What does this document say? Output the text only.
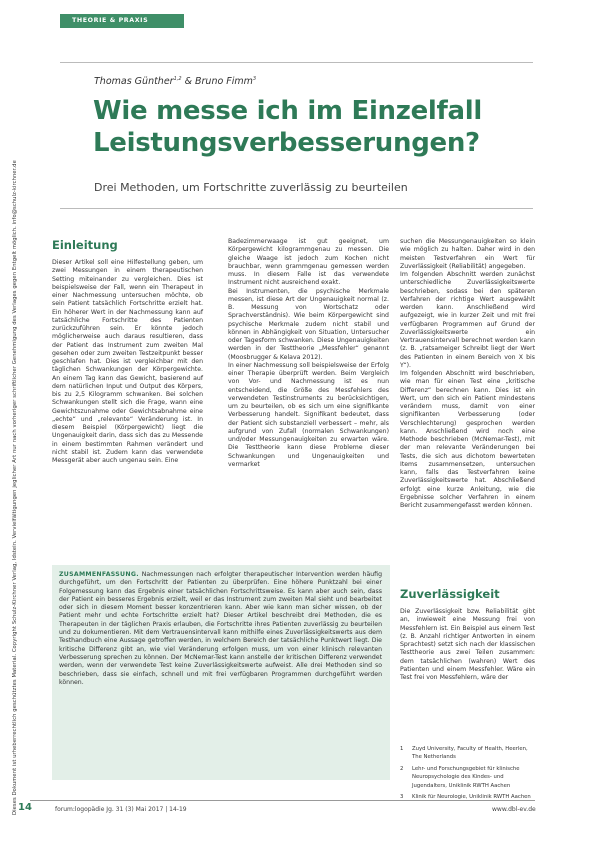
Dieses Dokument ist urheberrechtlich geschütztes Material. Copyright Schulz-Kirchner Verlag, Idstein. Vervielfältigungen jeglicher Art nur nach vorheriger schriftlicher Genehmigung des Verlages gegen Entgelt möglich. info@schulz-kirchner.de
THEORIE & PRAXIS
Thomas Günther$^{1,2}$ & Bruno Fimm$^3$
Wie messe ich im Einzelfall Leistungsverbesserungen?
Drei Methoden, um Fortschritte zuverlässig zu beurteilen
Einleitung

Dieser Artikel soll eine Hilfestellung geben, um zwei Messungen in einem therapeutischen Setting miteinander zu vergleichen. Dies ist beispielsweise der Fall, wenn ein Therapeut in einer Nachmessung untersuchen möchte, ob sein Patient tatsächlich Fortschritte erzielt hat. Ein höherer Wert in der Nachmessung kann auf tatsächliche Fortschritte des Patienten zurückzuführen sein. Er könnte jedoch möglicherweise auch daraus resultieren, dass der Patient das Instrument zum zweiten Mal gesehen oder zum zweiten Testzeitpunkt besser geschlafen hat. Dies ist vergleichbar mit den täglichen Schwankungen der Körpergewichte. An einem Tag kann das Gewicht, basierend auf dem natürlichen Input und Output des Körpers, bis zu 2,5 Kilogramm schwanken. Bei solchen Schwankungen stellt sich die Frage, wann eine Gewichtszunahme oder Gewichtsabnahme eine „echte“ und „relevante“ Veränderung ist. In diesem Beispiel (Körpergewicht) liegt die Ungenauigkeit darin, dass sich das zu Messende in einem bestimmten Rahmen verändert und nicht stabil ist. Zudem kann das verwendete Messgerät aber auch ungenau sein. Eine

Badezimmerwaage ist gut geeignet, um Körpergewicht kilogrammgenau zu messen. Die gleiche Waage ist jedoch zum Kochen nicht brauchbar, wenn grammgenau gemessen werden muss. In diesem Falle ist das verwendete Instrument nicht ausreichend exakt.

Bei Instrumenten, die psychische Merkmale messen, ist diese Art der Ungenauigkeit normal (z. B. Messung von Wortschatz oder Sprachverständnis). Wie beim Körpergewicht sind psychische Merkmale zudem nicht stabil und können in Abhängigkeit von Situation, Untersucher oder Tagesform schwanken. Diese Ungenauigkeiten werden in der Testtheorie „Messfehler“ genannt (Moosbrugger & Kelava 2012).

In einer Nachmessung soll beispielsweise der Erfolg einer Therapie überprüft werden. Beim Vergleich von Vor- und Nachmessung ist es nun entscheidend, die Größe des Messfehlers des verwendeten Testinstruments zu berücksichtigen, um zu beurteilen, ob es sich um eine signifikante Verbesserung handelt. Signifikant bedeutet, dass der Patient sich substanziell verbessert – mehr, als aufgrund von Zufall (normalen Schwankungen) und/oder Messungenauigkeiten zu erwarten wäre. Die Testtheorie kann diese Probleme dieser Schwankungen und Ungenauigkeiten und vermarket

suchen die Messungenauigkeiten so klein wie möglich zu halten. Daher wird in den meisten Testverfahren ein Wert für Zuverlässigkeit (Reliabilität) angegeben.

Im folgenden Abschnitt werden zunächst unterschiedliche Zuverlässigkeitswerte beschrieben, sodass bei den späteren Verfahren der richtige Wert ausgewählt werden kann. Anschließend wird aufgezeigt, wie in kurzer Zeit und mit frei verfügbaren Programmen auf Grund der Zuverlässigkeitswerte ein Vertrauensintervall berechnet werden kann (z. B. „ratsameiger Schreibt liegt der Wert des Patienten in einem Bereich von X bis Y“).

Im folgenden Abschnitt wird beschrieben, wie man für einen Test eine „kritische Differenz“ berechnen kann. Dies ist ein Wert, um den sich ein Patient mindestens verändern muss, damit von einer signifikanten Verbesserung (oder Verschlechterung) gesprochen werden kann. Anschließend wird noch eine Methode beschrieben (McNemar-Test), mit der man relevante Veränderungen bei Tests, die sich aus dichotom bewerteten Items zusammensetzen, untersuchen kann, falls das Testverfahren keine Zuverlässigkeitswerte hat. Abschließend erfolgt eine kurze Anleitung, wie die Ergebnisse solcher Verfahren in einem Bericht zusammengefasst werden können.

ZUSAMMENFASSUNG. Nachmessungen nach erfolgter therapeutischer Intervention werden häufig durchgeführt, um den Fortschritt der Patienten zu überprüfen. Eine höhere Punktzahl bei einer Folgemessung kann das Ergebnis einer tatsächlichen Fortschrittsweise. Es kann aber auch sein, dass der Patient ein besseres Ergebnis erzielt, weil er das Instrument zum zweiten Mal sieht und bearbeitet oder sich in diesem Moment besser konzentrieren kann. Aber wie kann man sicher wissen, ob der Patient mehr und echte Fortschritte erzielt hat? Dieser Artikel beschreibt drei Methoden, die es Therapeuten in der täglichen Praxis erlauben, die Fortschritte ihres Patienten zuverlässig zu beurteilen und zu dokumentieren. Mit dem Vertrauensintervall kann mithilfe eines Zuverlässigkeitswerts aus dem Testhandbuch eine Aussage getroffen werden, in welchem Bereich der tatsächliche Punktwert liegt. Die kritische Differenz gibt an, wie viel Veränderung erfolgen muss, um von einer klinisch relevanten Verbesserung sprechen zu können. Der McNemar-Test kann anstelle der kritischen Differenz verwendet werden, wenn der verwendete Test keine Zuverlässigkeitswerte aufweist. Alle drei Methoden sind so beschrieben, dass sie einfach, schnell und mit frei verfügbaren Programmen durchgeführt werden können.
Zuverlässigkeit

Die Zuverlässigkeit bzw. Reliabilität gibt an, inwieweit eine Messung frei von Messfehlern ist. Ein Beispiel aus einem Test (z. B. Anzahl richtiger Antworten in einem Sprachtest) setzt sich nach der klassischen Testtheorie aus zwei Teilen zusammen: dem tatsächlichen (wahren) Wert des Patienten und einem Messfehler. Wäre ein Test frei von Messfehlern, wäre der

1	Zuyd University, Faculty of Health, Heerlen, The Netherlands
2	Lehr- und Forschungsgebiet für klinische Neuropsychologie des Kindes- und Jugendalters, Uniklinik RWTH Aachen
3	Klinik für Neurologie, Uniklinik RWTH Aachen
14	forum:logopädie Jg. 31 (3) Mai 2017 | 14-19	www.dbl-ev.de
